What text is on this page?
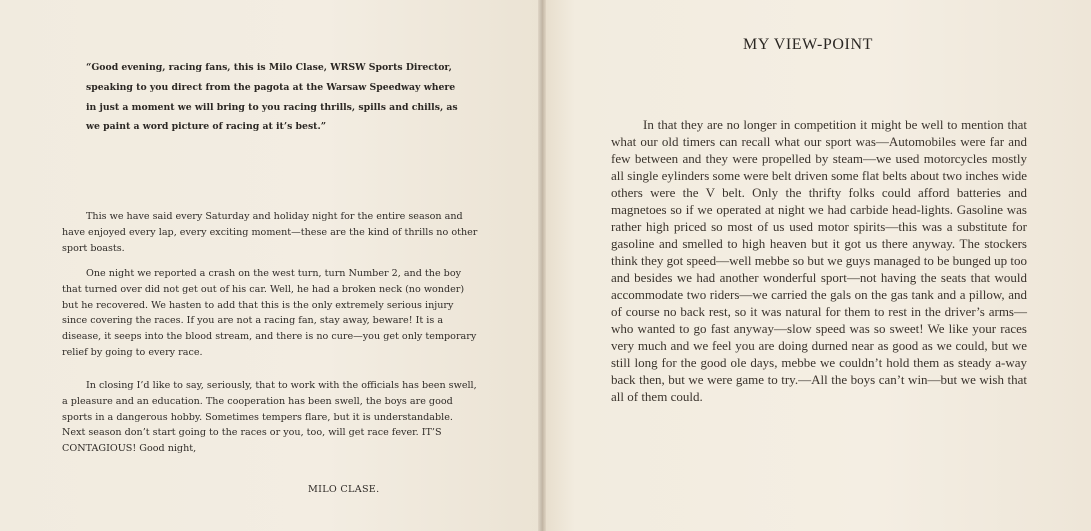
“Good evening, racing fans, this is Milo Clase, WRSW Sports Director, speaking to you direct from the pagota at the Warsaw Speedway where in just a moment we will bring to you racing thrills, spills and chills, as we paint a word picture of racing at it’s best.”

This we have said every Saturday and holiday night for the entire season and have enjoyed every lap, every exciting moment—these are the kind of thrills no other sport boasts.

One night we reported a crash on the west turn, turn Number 2, and the boy that turned over did not get out of his car. Well, he had a broken neck (no wonder) but he recovered. We hasten to add that this is the only extremely serious injury since covering the races. If you are not a racing fan, stay away, beware! It is a disease, it seeps into the blood stream, and there is no cure—you get only temporary relief by going to every race.

In closing I’d like to say, seriously, that to work with the officials has been swell, a pleasure and an education. The cooperation has been swell, the boys are good sports in a dangerous hobby. Sometimes tempers flare, but it is understandable. Next season don’t start going to the races or you, too, will get race fever. IT’S CONTAGIOUS! Good night,

MILO CLASE.

MY VIEW-POINT

In that they are no longer in competition it might be well to mention that what our old timers can recall what our sport was—Automobiles were far and few between and they were propelled by steam—we used motorcycles mostly all single eylinders some were belt driven some flat belts about two inches wide others were the V belt. Only the thrifty folks could afford batteries and magnetoes so if we operated at night we had carbide head-lights. Gasoline was rather high priced so most of us used motor spirits—this was a substitute for gasoline and smelled to high heaven but it got us there anyway. The stockers think they got speed—well mebbe so but we guys managed to be bunged up too and besides we had another wonderful sport—not having the seats that would accommodate two riders—we carried the gals on the gas tank and a pillow, and of course no back rest, so it was natural for them to rest in the driver’s arms—who wanted to go fast anyway—slow speed was so sweet! We like your races very much and we feel you are doing durned near as good as we could, but we still long for the good ole days, mebbe we couldn’t hold them as steady a-way back then, but we were game to try.—All the boys can’t win—but we wish that all of them could.
